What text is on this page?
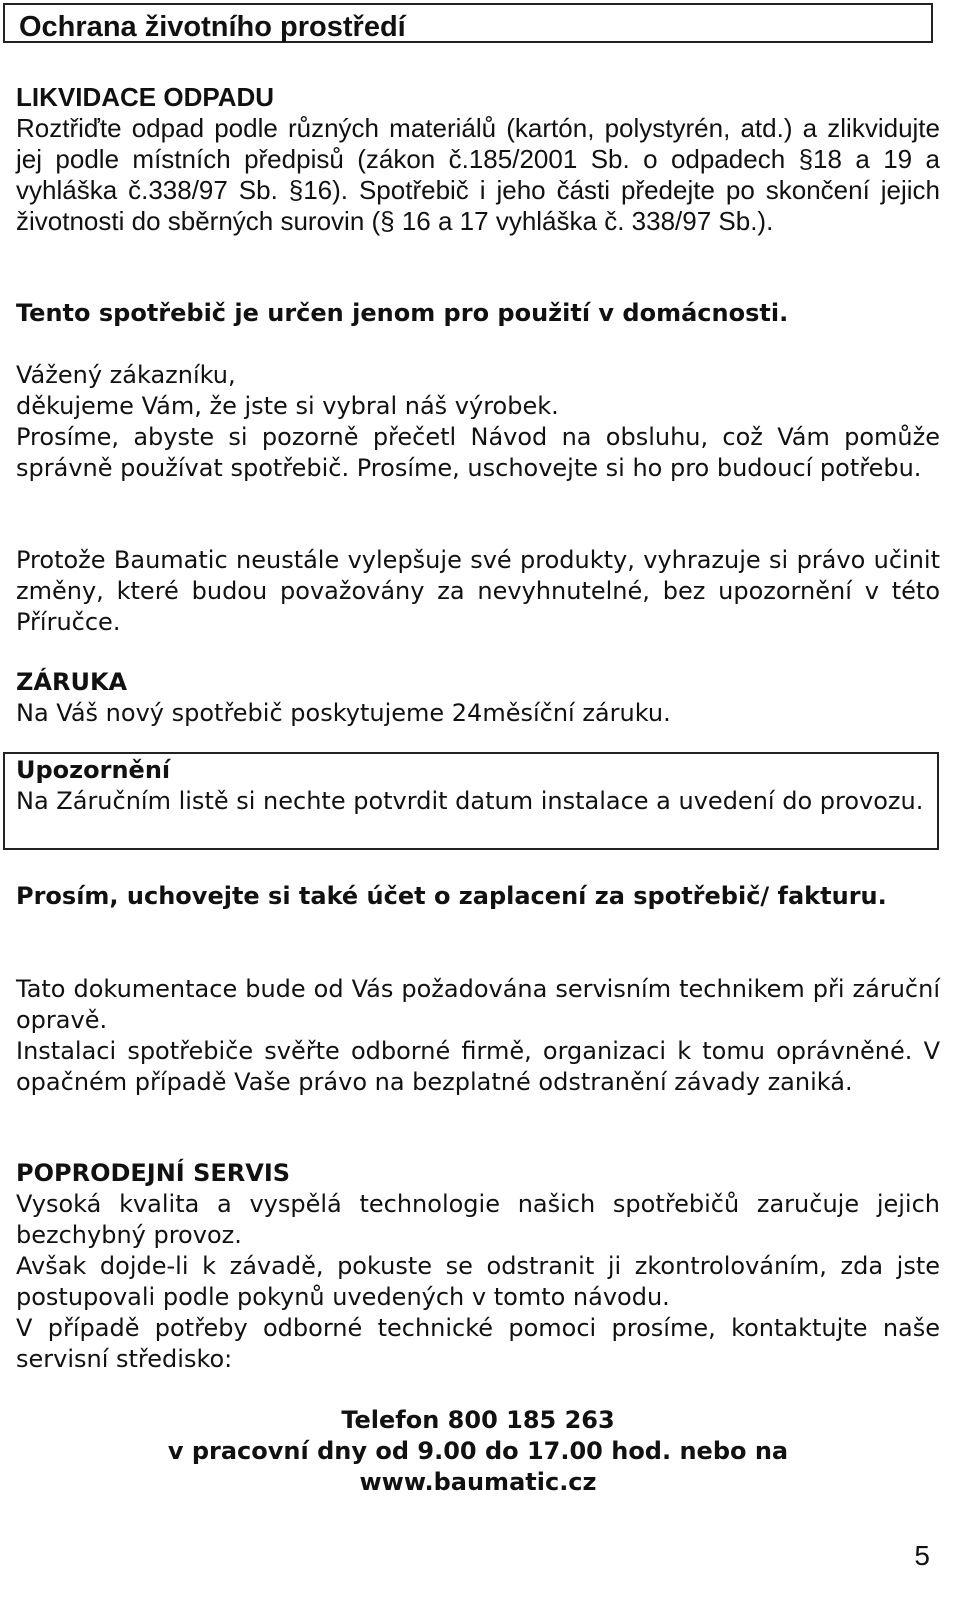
Ochrana životního prostředí

LIKVIDACE ODPADU

Roztřiďte odpad podle různých materiálů (kartón, polystyrén, atd.) a zlikvidujte jej podle místních předpisů (zákon č.185/2001 Sb. o odpadech §18 a 19 a vyhláška č.338/97 Sb. §16). Spotřebič i jeho části předejte po skončení jejich životnosti do sběrných surovin (§ 16 a 17 vyhláška č. 338/97 Sb.).

Tento spotřebič je určen jenom pro použití v domácnosti.

Vážený zákazníku,

děkujeme Vám, že jste si vybral náš výrobek.

Prosíme, abyste si pozorně přečetl Návod na obsluhu, což Vám pomůže správně používat spotřebič. Prosíme, uschovejte si ho pro budoucí potřebu.

Protože Baumatic neustále vylepšuje své produkty, vyhrazuje si právo učinit změny, které budou považovány za nevyhnutelné, bez upozornění v této Příručce.

ZÁRUKA

Na Váš nový spotřebič poskytujeme 24měsíční záruku.

Upozornění

Na Záručním listě si nechte potvrdit datum instalace a uvedení do provozu.

Prosím, uchovejte si také účet o zaplacení za spotřebič/ fakturu.

Tato dokumentace bude od Vás požadována servisním technikem při záruční opravě.

Instalaci spotřebiče svěřte odborné firmě, organizaci k tomu oprávněné. V opačném případě Vaše právo na bezplatné odstranění závady zaniká.

POPRODEJNÍ SERVIS

Vysoká kvalita a vyspělá technologie našich spotřebičů zaručuje jejich bezchybný provoz.

Avšak dojde-li k závadě, pokuste se odstranit ji zkontrolováním, zda jste postupovali podle pokynů uvedených v tomto návodu.

V případě potřeby odborné technické pomoci prosíme, kontaktujte naše servisní středisko:

Telefon 800 185 263

v pracovní dny od 9.00 do 17.00 hod. nebo na

www.baumatic.cz

5
